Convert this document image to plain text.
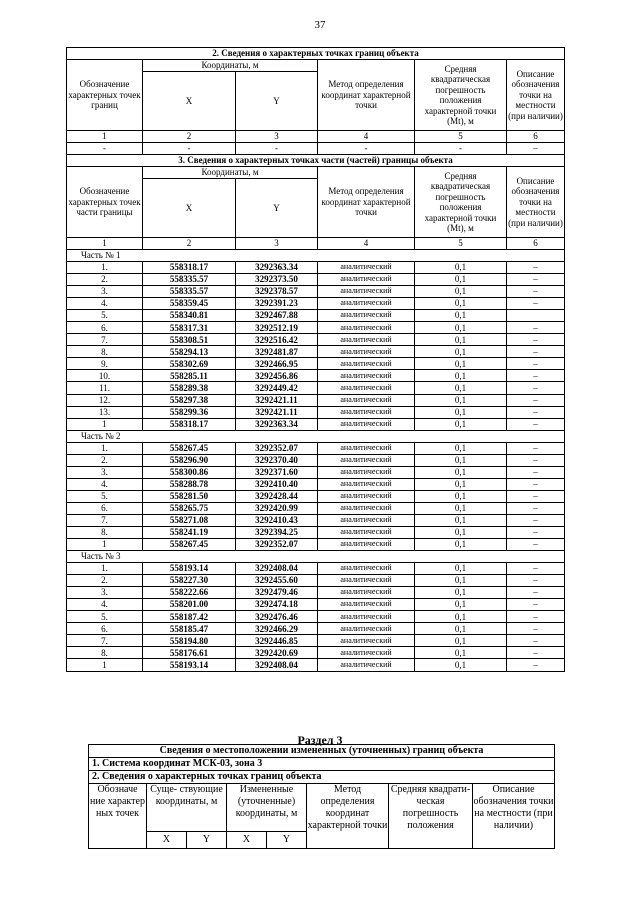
37
2. Сведения о характерных точках границ объекта					
Обозначение характерных точек границ	Координаты, м		Метод определения координат характерной точки	Средняя квадратическая погрешность положения характерной точки (Mt), м	Описание обозначения точки на местности (при наличии)
	X	Y			
1	2	3	4	5	6
-	-	-	-	-	–
3. Сведения о характерных точках части (частей) границы объекта					
Обозначение характерных точек части границы	Координаты, м		Метод определения координат характерной точки	Средняя квадратическая погрешность положения характерной точки (Mt), м	Описание обозначения точки на местности (при наличии)
	X	Y			
1	2	3	4	5	6
Часть № 1					
1.	558318.17	3292363.34	аналитический	0,1	–
2.	558335.57	3292373.50	аналитический	0,1	–
3.	558335.57	3292378.57	аналитический	0,1	–
4.	558359.45	3292391.23	аналитический	0,1	–
5.	558340.81	3292467.88	аналитический	0,1	
6.	558317.31	3292512.19	аналитический	0,1	–
7.	558308.51	3292516.42	аналитический	0,1	–
8.	558294.13	3292481.87	аналитический	0,1	–
9.	558302.69	3292466.95	аналитический	0,1	–
10.	558285.11	3292456.86	аналитический	0,1	–
11.	558289.38	3292449.42	аналитический	0,1	–
12.	558297.38	3292421.11	аналитический	0,1	–
13.	558299.36	3292421.11	аналитический	0,1	–
1	558318.17	3292363.34	аналитический	0,1	–
Часть № 2					
1.	558267.45	3292352.07	аналитический	0,1	–
2.	558296.90	3292370.40	аналитический	0,1	–
3.	558300.86	3292371.60	аналитический	0,1	–
4.	558288.78	3292410.40	аналитический	0,1	–
5.	558281.50	3292428.44	аналитический	0,1	–
6.	558265.75	3292420.99	аналитический	0,1	–
7.	558271.08	3292410.43	аналитический	0,1	–
8.	558241.19	3292394.25	аналитический	0,1	–
1	558267.45	3292352.07	аналитический	0,1	–
Часть № 3					
1.	558193.14	3292408.04	аналитический	0,1	–
2.	558227.30	3292455.60	аналитический	0,1	–
3.	558222.66	3292479.46	аналитический	0,1	–
4.	558201.00	3292474.18	аналитический	0,1	–
5.	558187.42	3292476.46	аналитический	0,1	–
6.	558185.47	3292466.29	аналитический	0,1	–
7.	558194.80	3292446.85	аналитический	0,1	–
8.	558176.61	3292420.69	аналитический	0,1	–
1	558193.14	3292408.04	аналитический	0,1	–
Раздел 3
Сведения о местоположении измененных (уточненных) границ объекта							
1. Система координат МСК-03, зона 3							
2. Сведения о характерных точках границ объекта							
Обозначе ние характер ных точек	Суще- ствующие координаты, м		Измененные (уточненные) координаты, м		Метод определения координат характерной точки	Средняя квадрати- ческая погрешность положения	Описание обозначения точки на местности (при наличии)
	X	Y	X	Y			
